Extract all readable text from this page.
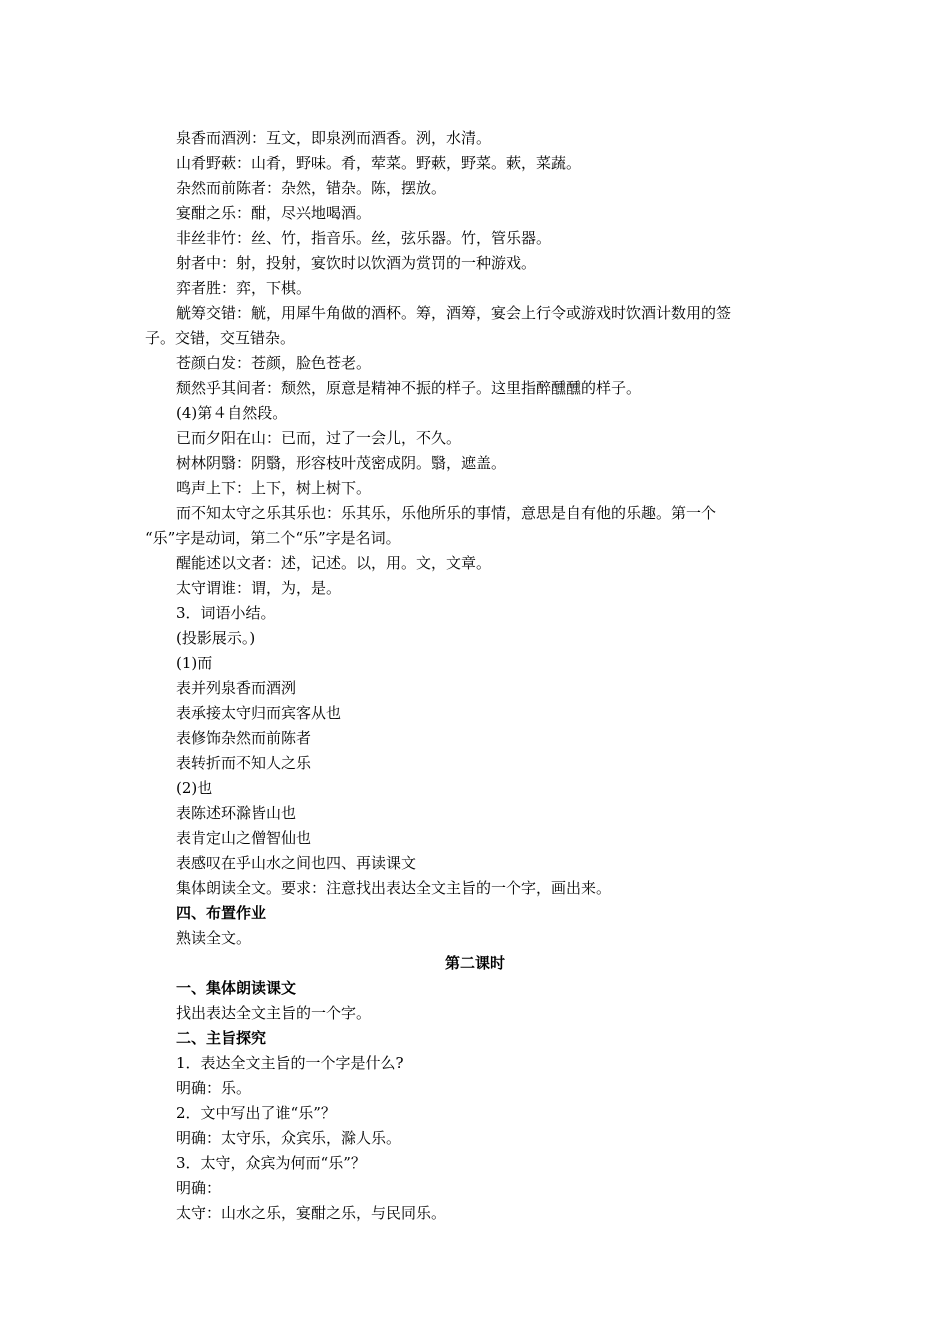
泉香而酒洌：互文，即泉洌而酒香。洌，水清。
山肴野蔌：山肴，野味。肴，荤菜。野蔌，野菜。蔌，菜蔬。
杂然而前陈者：杂然，错杂。陈，摆放。
宴酣之乐：酣，尽兴地喝酒。
非丝非竹：丝、竹，指音乐。丝，弦乐器。竹，管乐器。
射者中：射，投射，宴饮时以饮酒为赏罚的一种游戏。
弈者胜：弈，下棋。
觥筹交错：觥，用犀牛角做的酒杯。筹，酒筹，宴会上行令或游戏时饮酒计数用的签
子。交错，交互错杂。
苍颜白发：苍颜，脸色苍老。
颓然乎其间者：颓然，原意是精神不振的样子。这里指醉醺醺的样子。
(4)第４自然段。
已而夕阳在山：已而，过了一会儿，不久。
树林阴翳：阴翳，形容枝叶茂密成阴。翳，遮盖。
鸣声上下：上下，树上树下。
而不知太守之乐其乐也：乐其乐，乐他所乐的事情，意思是自有他的乐趣。第一个
“乐”字是动词，第二个“乐”字是名词。
醒能述以文者：述，记述。以，用。文，文章。
太守谓谁：谓，为，是。
3．词语小结。
(投影展示。)
(1)而
表并列泉香而酒洌
表承接太守归而宾客从也
表修饰杂然而前陈者
表转折而不知人之乐
(2)也
表陈述环滁皆山也
表肯定山之僧智仙也
表感叹在乎山水之间也四、再读课文
集体朗读全文。要求：注意找出表达全文主旨的一个字，画出来。
四、布置作业
熟读全文。
第二课时
一、集体朗读课文
找出表达全文主旨的一个字。
二、主旨探究
1．表达全文主旨的一个字是什么?
明确：乐。
2．文中写出了谁“乐”？
明确：太守乐，众宾乐，滁人乐。
3．太守，众宾为何而“乐”？
明确：
太守：山水之乐，宴酣之乐，与民同乐。
